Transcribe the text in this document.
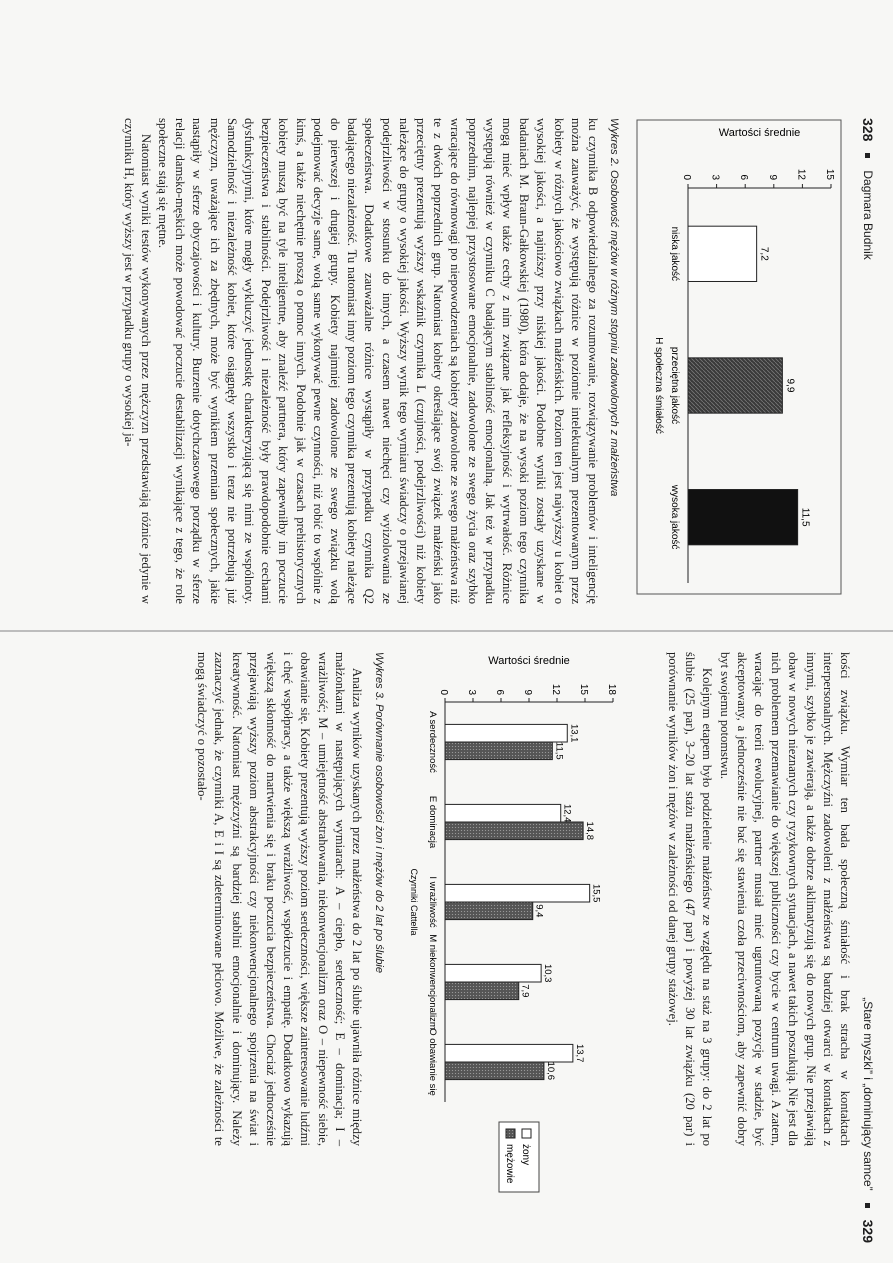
328
Dagmara Budnik
Wartości średnie
0 3 6 9 12 15
7,2
niska jakość
9,9
przeciętna jakość
11,5
wysoka jakość
H społeczna śmiałość
Wykres 2. Osobowość mężów w różnym stopniu zadowolonych z małżeństwa

ku czynnika B odpowiedzialnego za rozumowanie, rozwiązywanie problemów i inteligencję można zauważyć, że występują różnice w poziomie intelektualnym prezentowanym przez kobiety w różnych jakościowo związkach małżeńskich. Poziom ten jest najwyższy u kobiet o wysokiej jakości, a najniższy przy niskiej jakości. Podobne wyniki zostały uzyskane w badaniach M. Braun-Gałkowskiej (1980), która dodaje, że na wysoki poziom tego czynnika mogą mieć wpływ także cechy z nim związane jak refleksyjność i wytrwałość. Różnice występują również w czynniku C badającym stabilność emocjonalną. Jak też w przypadku poprzednim, najlepiej przystosowane emocjonalnie, zadowolone ze swego życia oraz szybko wracające do równowagi po niepowodzeniach są kobiety zadowolone ze swego małżeństwa niż te z dwóch poprzednich grup. Natomiast kobiety określające swój związek małżeński jako przeciętny prezentują wyższy wskaźnik czynnika L (czujności, podejrzliwości) niż kobiety należące do grupy o wysokiej jakości. Wyższy wynik tego wymiaru świadczy o przejawianej podejrzliwości w stosunku do innych, a czasem nawet niechęci czy wyizolowania ze społeczeństwa. Dodatkowe zauważalne różnice wystąpiły w przypadku czynnika Q2 badającego niezależność. Tu natomiast inny poziom tego czynnika prezentują kobiety należące do pierwszej i drugiej grupy. Kobiety najmniej zadowolone ze swego związku wolą podejmować decyzje same, wolą same wykonywać pewne czynności, niż robić to wspólnie z kimś, a także niechętnie proszą o pomoc innych. Podobnie jak w czasach prehistorycznych kobiety muszą być na tyle inteligentne, aby znaleźć partnera, który zapewniłby im poczucie bezpieczeństwa i stabilności. Podejrzliwość i niezależność były prawdopodobnie cechami dysfunkcyjnymi, które mogły wykluczyć jednostkę charakteryzującą się nimi ze wspólnoty. Samodzielność i niezależność kobiet, które osiągnęły wszystko i teraz nie potrzebują już mężczyzn, uważające ich za zbędnych, może być wynikiem przemian społecznych, jakie nastąpiły w sferze obyczajowości i kultury. Burzenie dotychczasowego porządku w sferze relacji damsko-męskich może powodować poczucie destabilizacji wynikające z tego, że role społeczne stają się mętne.

Natomiast wyniki testów wykonywanych przez mężczyzn przedstawiają różnice jedynie w czynniku H, który wyższy jest w przypadku grupy o wysokiej ja-

„Stare myszki” i „dominujący samce”
329

kości związku. Wymiar ten bada społeczną śmiałość i brak stracha w kontaktach interpersonalnych. Mężczyźni zadowoleni z małżeństwa są bardziej otwarci w kontaktach z innymi, szybko je zawierają, a także dobrze aklimatyzują się do nowych grup. Nie przejawiają obaw w nowych nieznanych czy ryzykownych sytuacjach, a nawet takich poszukują. Nie jest dla nich problemem przemawianie do większej publiczności czy bycie w centrum uwagi. A zatem, wracając do teorii ewolucyjnej, partner musiał mieć ugruntowaną pozycję w stadzie, być akceptowany, a jednocześnie nie bać się stawienia czoła przeciwnościom, aby zapewnić dobry byt swojemu potomstwu.

Kolejnym etapem było podzielenie małżeństw ze względu na staż na 3 grupy: do 2 lat po ślubie (25 par), 3–20 lat stażu małżeńskiego (47 par) i powyżej 30 lat związku (20 par) i porównanie wyników żon i mężów w zależności od danej grupy stażowej.

Wartości średnie
0 3 6 9 12 15 18
13,1
11,5
A serdeczność
12,4
14,8
E dominacja
15,5
9,4
I wrażliwość
10,3
7,9
M niekonwencjonalizm
13,7
10,6
O obawianie się
Czynniki Cattella
żony
mężowie
Wykres 3. Porównanie osobowości żon i mężów do 2 lat po ślubie

Analiza wyników uzyskanych przez małżeństwa do 2 lat po ślubie ujawniła różnice między małżonkami w następujących wymiarach: A – ciepło, serdeczność; E – dominacja; I – wrażliwość; M – umiejętność abstrahowania, niekonwencjonalizm oraz O – niepewność siebie, obawianie się. Kobiety prezentują wyższy poziom serdeczności, większe zainteresowanie ludźmi i chęć współpracy, a także większą wrażliwość, współczucie i empatię. Dodatkowo wykazują większą skłonność do martwienia się i braku poczucia bezpieczeństwa. Chociaż jednocześnie przejawiają wyższy poziom abstrakcyjności czy niekonwencjonalnego spojrzenia na świat i kreatywność. Natomiast mężczyźni są bardziej stabilni emocjonalnie i dominujący. Należy zaznaczyć jednak, że czynniki A, E i I są zdeterminowane płciowo. Możliwe, że zależności te mogą świadczyć o pozostało-
